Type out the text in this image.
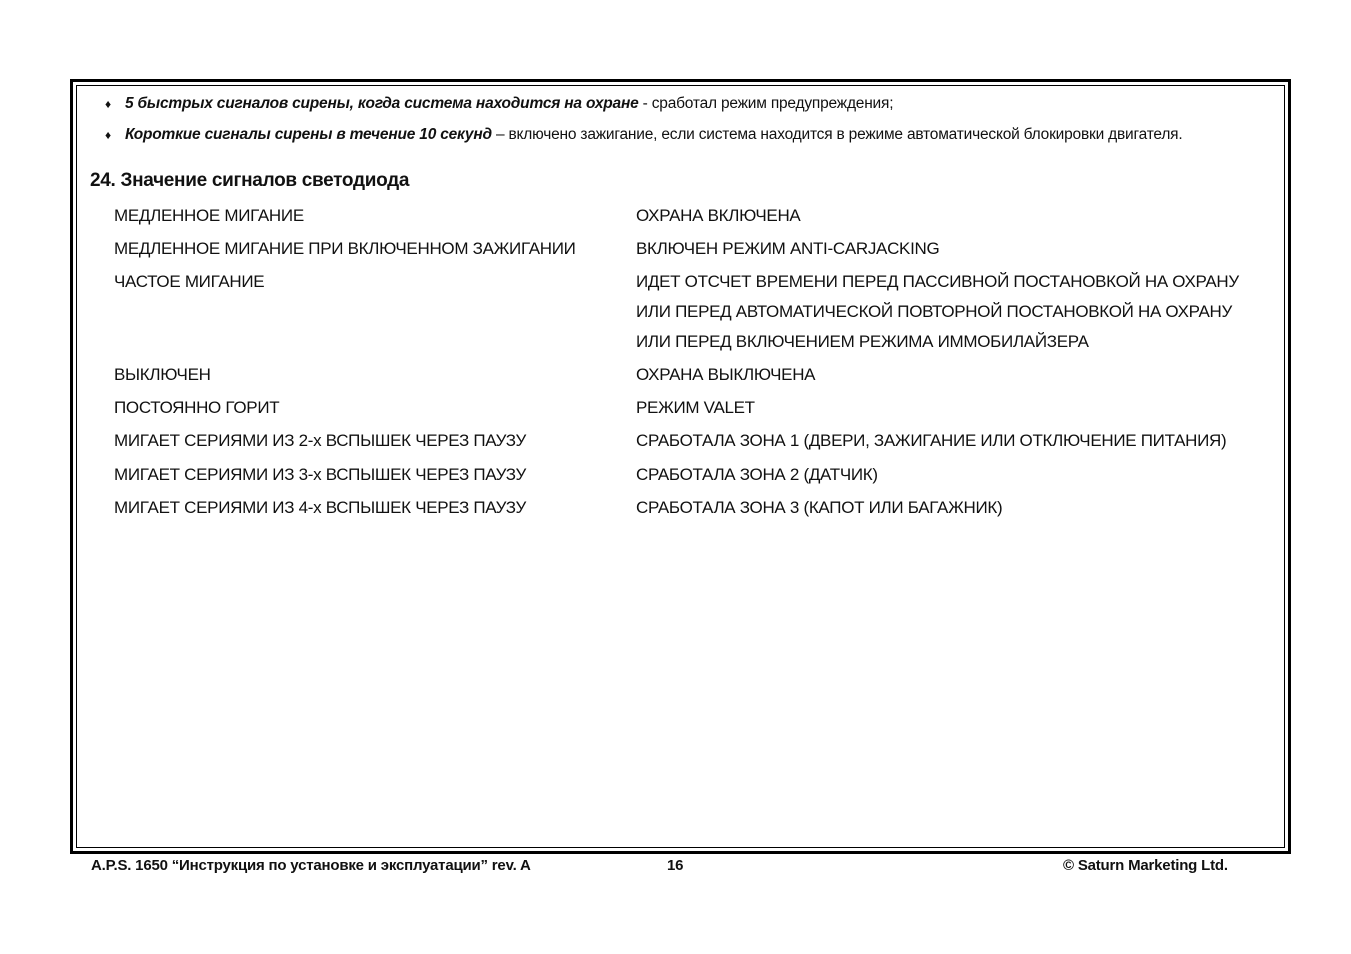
♦ 5 быстрых сигналов сирены, когда система находится на охране - сработал режим предупреждения;
♦ Короткие сигналы сирены в течение 10 секунд – включено зажигание, если система находится в режиме автоматической блокировки двигателя.
24. Значение сигналов светодиода
МЕДЛЕННОЕ МИГАНИЕ	ОХРАНА ВКЛЮЧЕНА
МЕДЛЕННОЕ МИГАНИЕ ПРИ ВКЛЮЧЕННОМ ЗАЖИГАНИИ	ВКЛЮЧЕН РЕЖИМ ANTI-CARJACKING
ЧАСТОЕ МИГАНИЕ	ИДЕТ ОТСЧЕТ ВРЕМЕНИ ПЕРЕД ПАССИВНОЙ ПОСТАНОВКОЙ НА ОХРАНУ
ИЛИ ПЕРЕД АВТОМАТИЧЕСКОЙ ПОВТОРНОЙ ПОСТАНОВКОЙ НА ОХРАНУ
ИЛИ ПЕРЕД ВКЛЮЧЕНИЕМ РЕЖИМА ИММОБИЛАЙЗЕРА
ВЫКЛЮЧЕН	ОХРАНА ВЫКЛЮЧЕНА
ПОСТОЯННО ГОРИТ	РЕЖИМ VALET
МИГАЕТ СЕРИЯМИ ИЗ 2-х ВСПЫШЕК ЧЕРЕЗ ПАУЗУ	СРАБОТАЛА ЗОНА 1 (ДВЕРИ, ЗАЖИГАНИЕ ИЛИ ОТКЛЮЧЕНИЕ ПИТАНИЯ)
МИГАЕТ СЕРИЯМИ ИЗ 3-х ВСПЫШЕК ЧЕРЕЗ ПАУЗУ	СРАБОТАЛА ЗОНА 2 (ДАТЧИК)
МИГАЕТ СЕРИЯМИ ИЗ 4-х ВСПЫШЕК ЧЕРЕЗ ПАУЗУ	СРАБОТАЛА ЗОНА 3 (КАПОТ ИЛИ БАГАЖНИК)
A.P.S. 1650 “Инструкция по установке и эксплуатации” rev. A	16	© Saturn Marketing Ltd.
